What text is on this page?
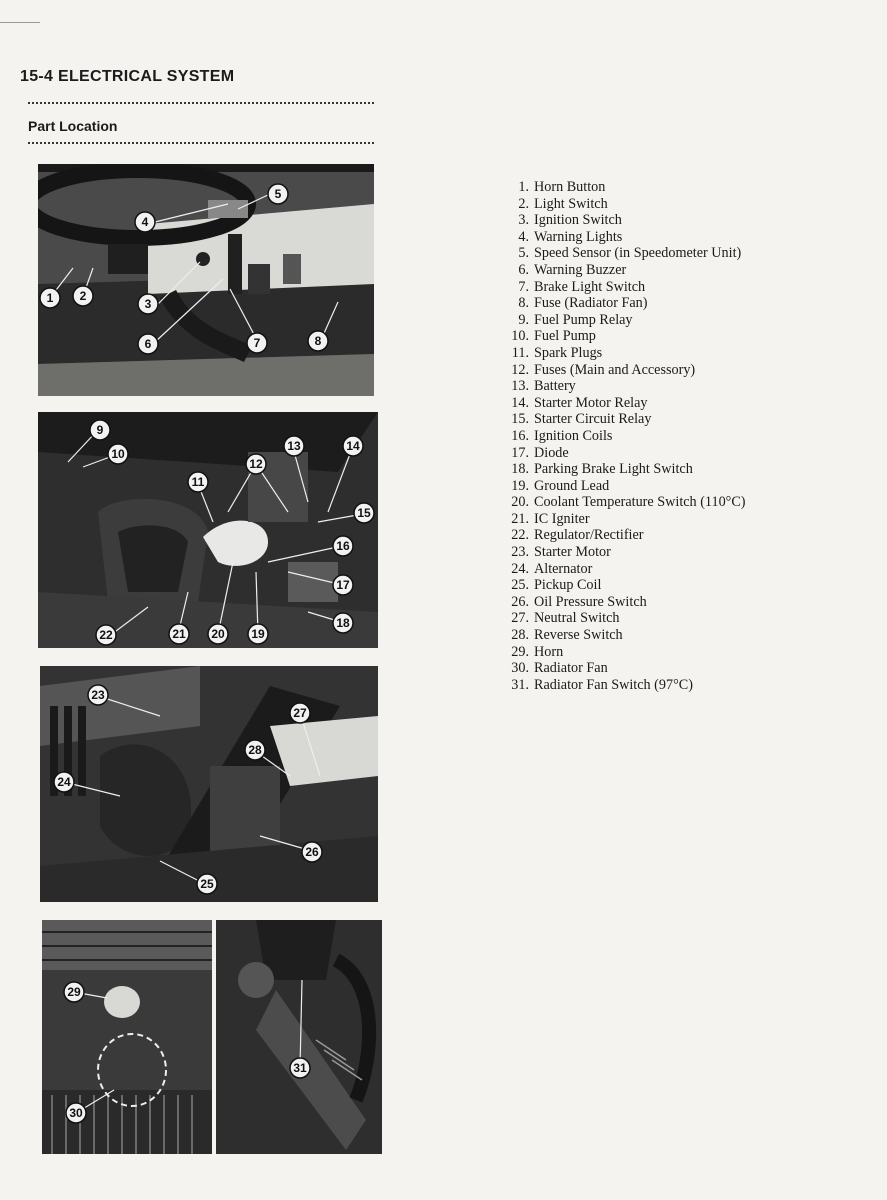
15-4 ELECTRICAL SYSTEM
Part Location
1 2
3
4
5
6	7	8
9
10
11
12
13	14
15
16
17
18
19
20
21
22
23
24
25
26
27
28
29
30
31
1. Horn Button
2. Light Switch
3. Ignition Switch
4. Warning Lights
5. Speed Sensor (in Speedometer Unit)
6. Warning Buzzer
7. Brake Light Switch
8. Fuse (Radiator Fan)
9. Fuel Pump Relay
10. Fuel Pump
11. Spark Plugs
12. Fuses (Main and Accessory)
13. Battery
14. Starter Motor Relay
15. Starter Circuit Relay
16. Ignition Coils
17. Diode
18. Parking Brake Light Switch
19. Ground Lead
20. Coolant Temperature Switch (110°C)
21. IC Igniter
22. Regulator/Rectifier
23. Starter Motor
24. Alternator
25. Pickup Coil
26. Oil Pressure Switch
27. Neutral Switch
28. Reverse Switch
29. Horn
30. Radiator Fan
31. Radiator Fan Switch (97°C)
